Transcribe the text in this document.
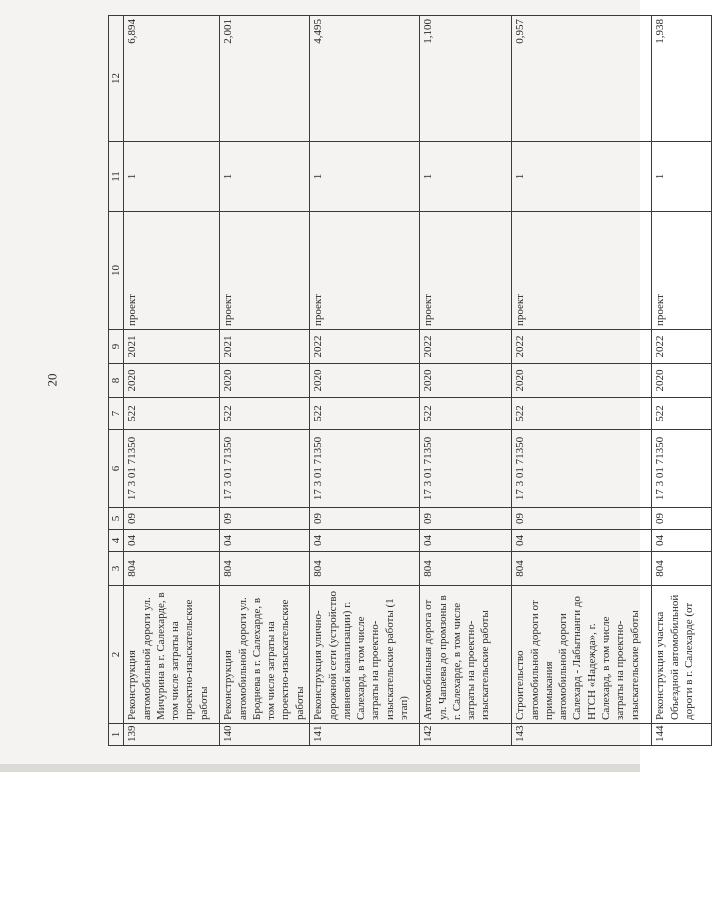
20
1	2	3	4	5	6	7	8	9	10	11	12
139	Реконструкция автомобильной дороги ул. Мичурина в г. Салехарде, в том числе затраты на проектно-изыскательские работы	804	04	09	17 3 01 71350	522	2020	2021	проект	1	6,894
140	Реконструкция автомобильной дороги ул. Броднева в г. Салехарде, в том числе затраты на проектно-изыскательские работы	804	04	09	17 3 01 71350	522	2020	2021	проект	1	2,001
141	Реконструкция улично-дорожной сети (устройство ливневой канализации) г. Салехард, в том числе затраты на проектно-изыскательские работы (1 этап)	804	04	09	17 3 01 71350	522	2020	2022	проект	1	4,495
142	Автомобильная дорога от ул. Чапаева до промзоны в г. Салехарде, в том числе затраты на проектно-изыскательские работы	804	04	09	17 3 01 71350	522	2020	2022	проект	1	1,100
143	Строительство автомобильной дороги от примыкания автомобильной дороги Салехард - Лабытнанги до НТСН «Надежда», г. Салехард, в том числе затраты на проектно-изыскательские работы	804	04	09	17 3 01 71350	522	2020	2022	проект	1	0,957
144	Реконструкция участка Объездной автомобильной дороги в г. Салехарде (от	804	04	09	17 3 01 71350	522	2020	2022	проект	1	1,938
